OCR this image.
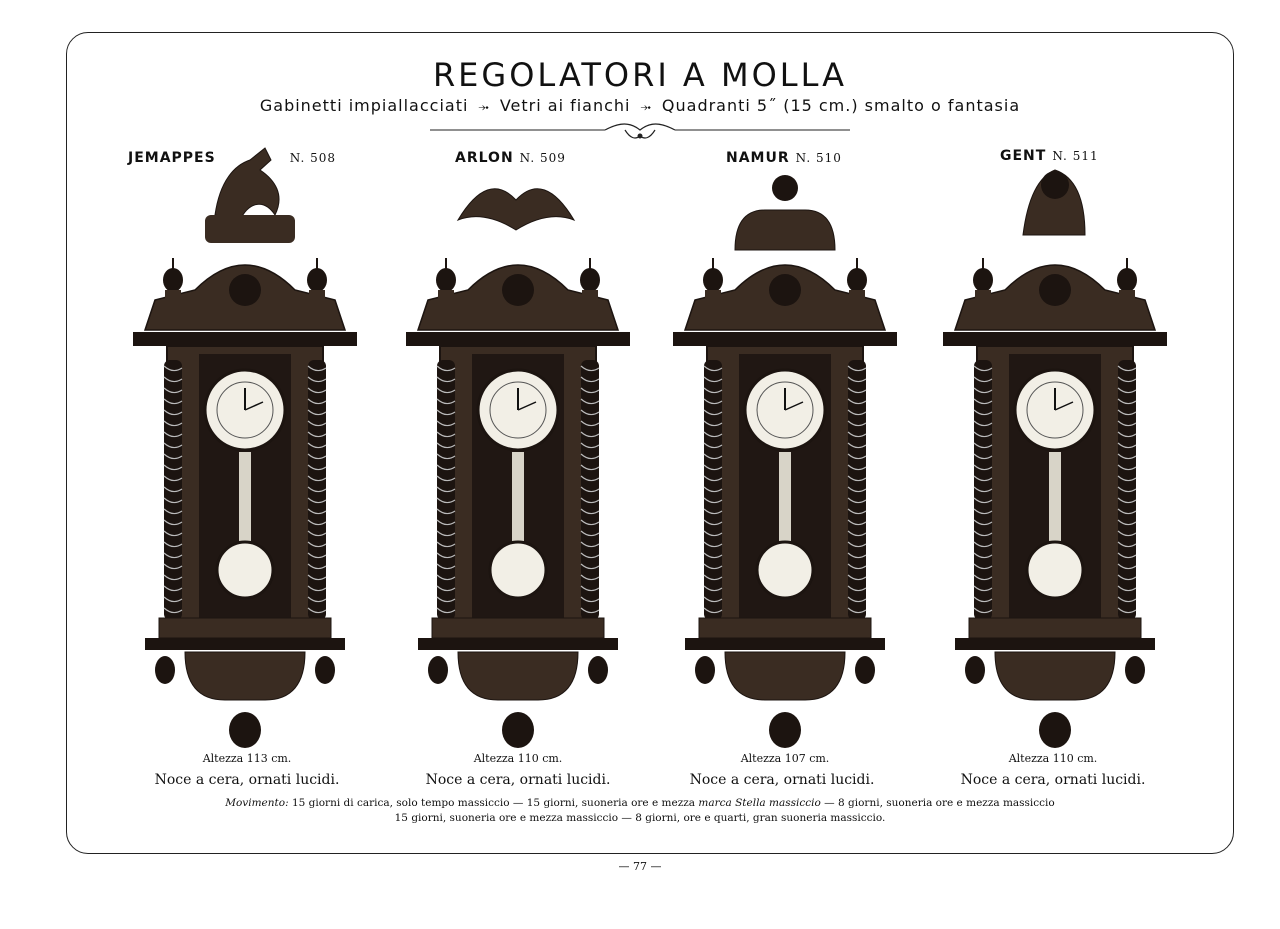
REGOLATORI A MOLLA
Gabinetti impiallacciati ⤞ Vetri ai fianchi ⤞ Quadranti 5˝ (15 cm.) smalto o fantasia
JEMAPPES	N. 508	ARLON N. 509	NAMUR N. 510	GENT N. 511
Altezza 113 cm.	Altezza 110 cm.	Altezza 107 cm.	Altezza 110 cm.
Noce a cera, ornati lucidi.	Noce a cera, ornati lucidi.	Noce a cera, ornati lucidi.	Noce a cera, ornati lucidi.
Movimento: 15 giorni di carica, solo tempo massiccio — 15 giorni, suoneria ore e mezza marca Stella massiccio — 8 giorni, suoneria ore e mezza massiccio
15 giorni, suoneria ore e mezza massiccio — 8 giorni, ore e quarti, gran suoneria massiccio.
— 77 —
